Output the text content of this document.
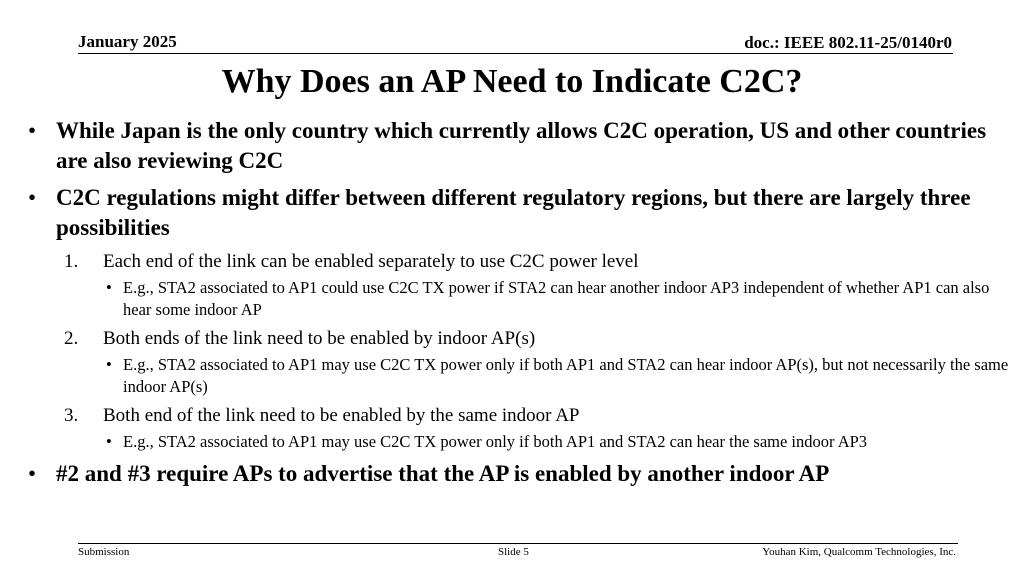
January 2025	doc.: IEEE 802.11-25/0140r0
Why Does an AP Need to Indicate C2C?
• While Japan is the only country which currently allows C2C operation, US and other countries are also reviewing C2C
• C2C regulations might differ between different regulatory regions, but there are largely three possibilities
1. Each end of the link can be enabled separately to use C2C power level
• E.g., STA2 associated to AP1 could use C2C TX power if STA2 can hear another indoor AP3 independent of whether AP1 can also hear some indoor AP
2. Both ends of the link need to be enabled by indoor AP(s)
• E.g., STA2 associated to AP1 may use C2C TX power only if both AP1 and STA2 can hear indoor AP(s), but not necessarily the same indoor AP(s)
3. Both end of the link need to be enabled by the same indoor AP
• E.g., STA2 associated to AP1 may use C2C TX power only if both AP1 and STA2 can hear the same indoor AP3
• #2 and #3 require APs to advertise that the AP is enabled by another indoor AP
Submission	Slide 5	Youhan Kim, Qualcomm Technologies, Inc.
